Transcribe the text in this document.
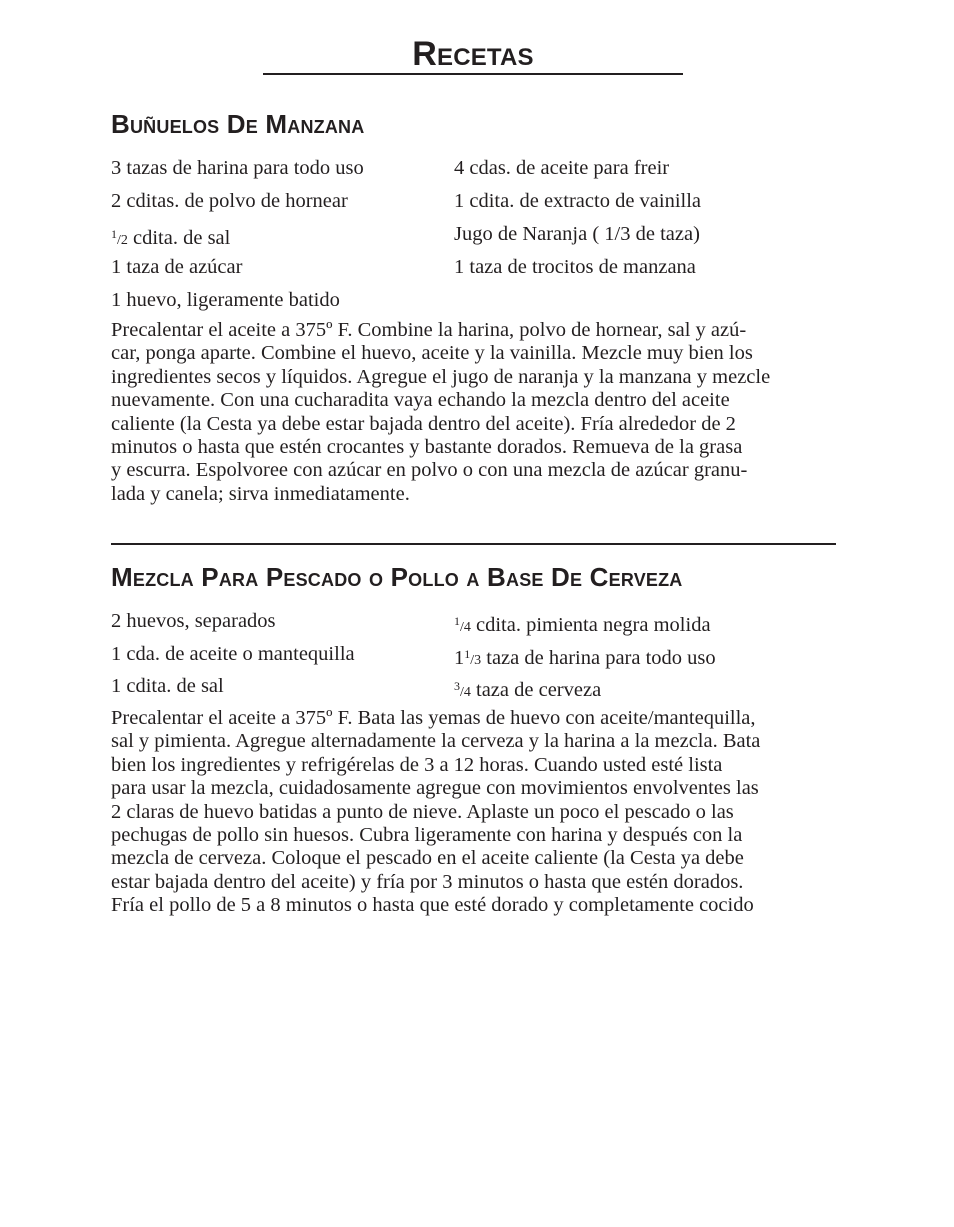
Recetas
Buñuelos De Manzana
3 tazas de harina para todo uso
2 cditas. de polvo de hornear
$^1$/2 cdita. de sal
1 taza de azúcar
1 huevo, ligeramente batido
4 cdas. de aceite para freir
1 cdita. de extracto de vainilla
Jugo de Naranja ( 1/3 de taza)
1 taza de trocitos de manzana

Precalentar el aceite a 375º F. Combine la harina, polvo de hornear, sal y azú-
car, ponga aparte. Combine el huevo, aceite y la vainilla. Mezcle muy bien los
ingredientes secos y líquidos. Agregue el jugo de naranja y la manzana y mezcle
nuevamente. Con una cucharadita vaya echando la mezcla dentro del aceite
caliente (la Cesta ya debe estar bajada dentro del aceite). Fría alrededor de 2
minutos o hasta que estén crocantes y bastante dorados. Remueva de la grasa
y escurra. Espolvoree con azúcar en polvo o con una mezcla de azúcar granu-
lada y canela; sirva inmediatamente.

Mezcla Para Pescado o Pollo a Base De Cerveza
2 huevos, separados
1 cda. de aceite o mantequilla
1 cdita. de sal
$^1$/4 cdita. pimienta negra molida
$1^1/3$ taza de harina para todo uso
$^3$/4 taza de cerveza

Precalentar el aceite a 375º F. Bata las yemas de huevo con aceite/mantequilla,
sal y pimienta. Agregue alternadamente la cerveza y la harina a la mezcla. Bata
bien los ingredientes y refrigérelas de 3 a 12 horas. Cuando usted esté lista
para usar la mezcla, cuidadosamente agregue con movimientos envolventes las
2 claras de huevo batidas a punto de nieve. Aplaste un poco el pescado o las
pechugas de pollo sin huesos. Cubra ligeramente con harina y después con la
mezcla de cerveza. Coloque el pescado en el aceite caliente (la Cesta ya debe
estar bajada dentro del aceite) y fría por 3 minutos o hasta que estén dorados.
Fría el pollo de 5 a 8 minutos o hasta que esté dorado y completamente cocido
